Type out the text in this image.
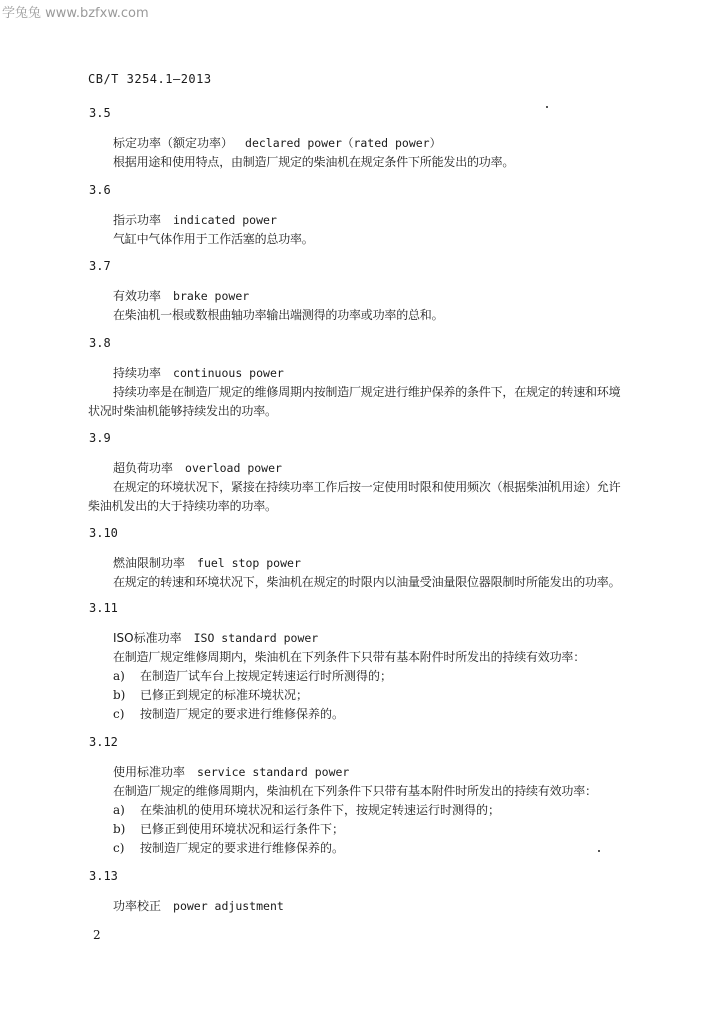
学兔兔 www.bzfxw.com
CB/T 3254.1—2013
3.5
标定功率（额定功率） declared power（rated power）
根据用途和使用特点，由制造厂规定的柴油机在规定条件下所能发出的功率。
3.6
指示功率 indicated power
气缸中气体作用于工作活塞的总功率。
3.7
有效功率 brake power
在柴油机一根或数根曲轴功率输出端测得的功率或功率的总和。
3.8
持续功率 continuous power
持续功率是在制造厂规定的维修周期内按制造厂规定进行维护保养的条件下，在规定的转速和环境
状况时柴油机能够持续发出的功率。
3.9
超负荷功率 overload power
在规定的环境状况下，紧接在持续功率工作后按一定使用时限和使用频次（根据柴油机用途）允许
柴油机发出的大于持续功率的功率。
3.10
燃油限制功率 fuel stop power
在规定的转速和环境状况下，柴油机在规定的时限内以油量受油量限位器限制时所能发出的功率。
3.11
ISO标准功率 ISO standard power
在制造厂规定维修周期内，柴油机在下列条件下只带有基本附件时所发出的持续有效功率：
a) 在制造厂试车台上按规定转速运行时所测得的；
b) 已修正到规定的标准环境状况；
c) 按制造厂规定的要求进行维修保养的。
3.12
使用标准功率 service standard power
在制造厂规定的维修周期内，柴油机在下列条件下只带有基本附件时所发出的持续有效功率：
a) 在柴油机的使用环境状况和运行条件下，按规定转速运行时测得的；
b) 已修正到使用环境状况和运行条件下；
c) 按制造厂规定的要求进行维修保养的。
3.13
功率校正 power adjustment
2
